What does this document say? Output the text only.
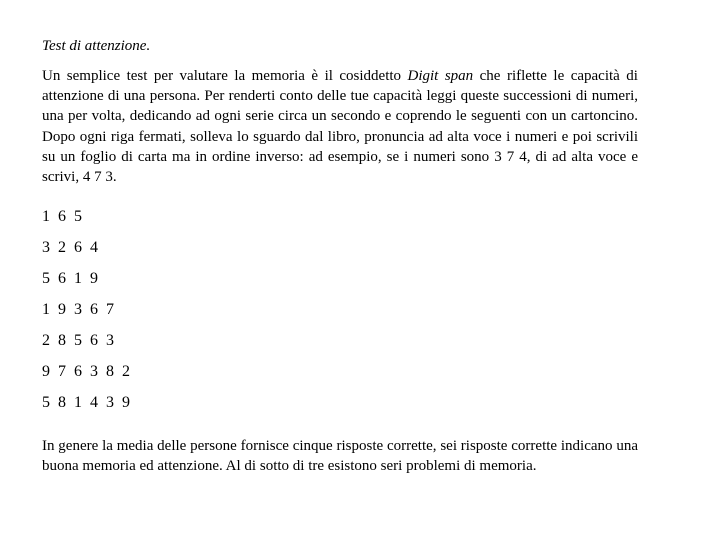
Test di attenzione.

Un semplice test per valutare la memoria è il cosiddetto Digit span che riflette le capacità di attenzione di una persona. Per renderti conto delle tue capacità leggi queste successioni di numeri, una per volta, dedicando ad ogni serie circa un secondo e coprendo le seguenti con un cartoncino. Dopo ogni riga fermati, solleva lo sguardo dal libro, pronuncia ad alta voce i numeri e poi scrivili su un foglio di carta ma in ordine inverso: ad esempio, se i numeri sono 3 7 4, di ad alta voce e scrivi, 4 7 3.

1 6 5
3 2 6 4
5 6 1 9
1 9 3 6 7
2 8 5 6 3
9 7 6 3 8 2
5 8 1 4 3 9

In genere la media delle persone fornisce cinque risposte corrette, sei risposte corrette indicano una buona memoria ed attenzione. Al di sotto di tre esistono seri problemi di memoria.
